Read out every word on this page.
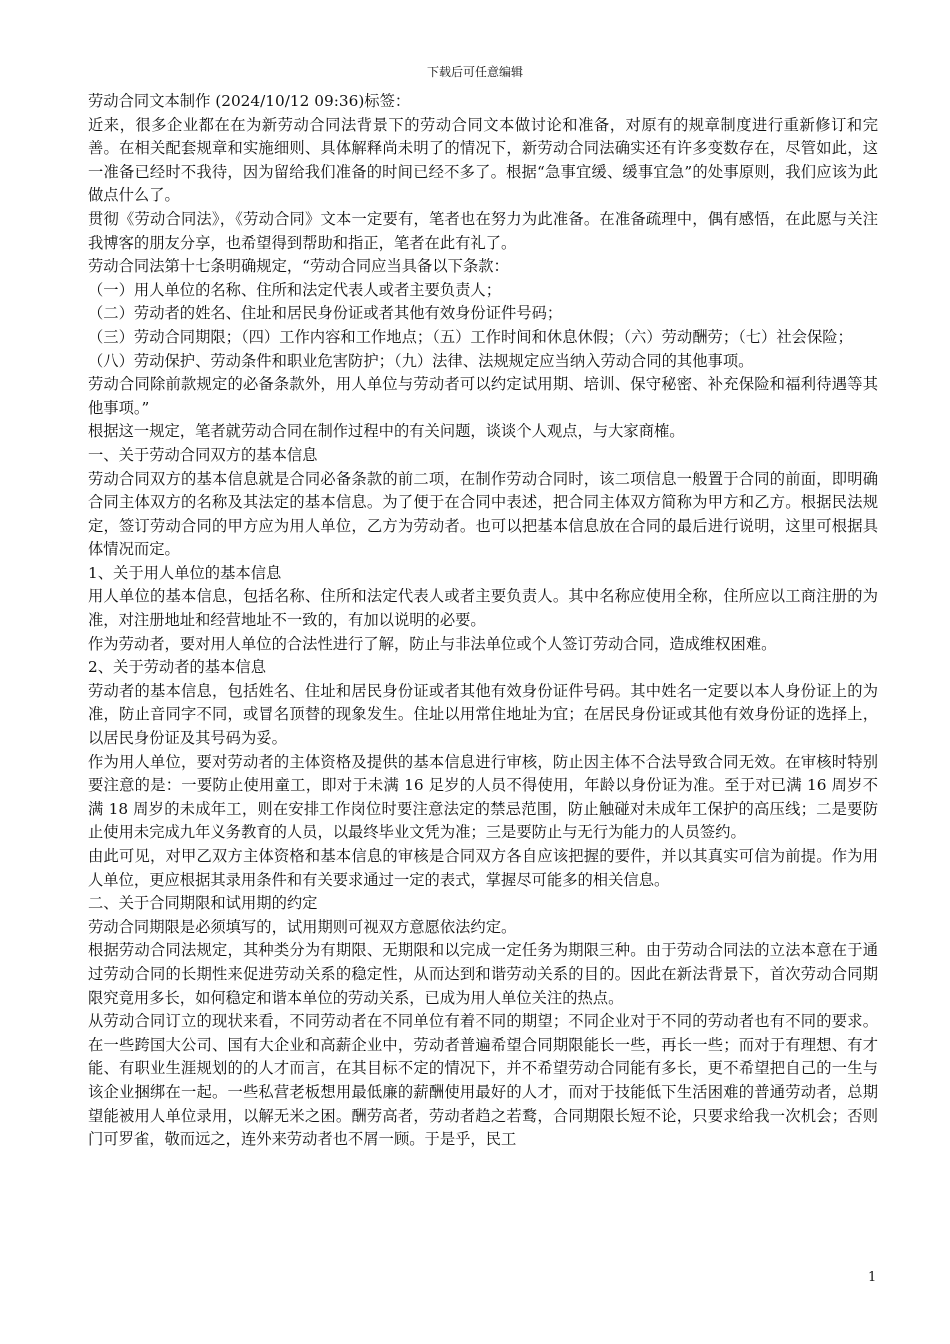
下载后可任意编辑

劳动合同文本制作 (2024/10/12 09:36)标签：

近来，很多企业都在在为新劳动合同法背景下的劳动合同文本做讨论和准备，对原有的规章制度进行重新修订和完善。在相关配套规章和实施细则、具体解释尚未明了的情况下，新劳动合同法确实还有许多变数存在，尽管如此，这一准备已经时不我待，因为留给我们准备的时间已经不多了。根据“急事宜缓、缓事宜急”的处事原则，我们应该为此做点什么了。

贯彻《劳动合同法》，《劳动合同》文本一定要有，笔者也在努力为此准备。在准备疏理中，偶有感悟，在此愿与关注我博客的朋友分享，也希望得到帮助和指正，笔者在此有礼了。

劳动合同法第十七条明确规定，“劳动合同应当具备以下条款：

（一）用人单位的名称、住所和法定代表人或者主要负责人；

（二）劳动者的姓名、住址和居民身份证或者其他有效身份证件号码；

（三）劳动合同期限；（四）工作内容和工作地点；（五）工作时间和休息休假；（六）劳动酬劳；（七）社会保险；

（八）劳动保护、劳动条件和职业危害防护；（九）法律、法规规定应当纳入劳动合同的其他事项。

劳动合同除前款规定的必备条款外，用人单位与劳动者可以约定试用期、培训、保守秘密、补充保险和福利待遇等其他事项。”

根据这一规定，笔者就劳动合同在制作过程中的有关问题，谈谈个人观点，与大家商榷。

一、关于劳动合同双方的基本信息

劳动合同双方的基本信息就是合同必备条款的前二项，在制作劳动合同时，该二项信息一般置于合同的前面，即明确合同主体双方的名称及其法定的基本信息。为了便于在合同中表述，把合同主体双方简称为甲方和乙方。根据民法规定，签订劳动合同的甲方应为用人单位，乙方为劳动者。也可以把基本信息放在合同的最后进行说明，这里可根据具体情况而定。

1、关于用人单位的基本信息

用人单位的基本信息，包括名称、住所和法定代表人或者主要负责人。其中名称应使用全称，住所应以工商注册的为准，对注册地址和经营地址不一致的，有加以说明的必要。

作为劳动者，要对用人单位的合法性进行了解，防止与非法单位或个人签订劳动合同，造成维权困难。

2、关于劳动者的基本信息

劳动者的基本信息，包括姓名、住址和居民身份证或者其他有效身份证件号码。其中姓名一定要以本人身份证上的为准，防止音同字不同，或冒名顶替的现象发生。住址以用常住地址为宜；在居民身份证或其他有效身份证的选择上，以居民身份证及其号码为妥。

作为用人单位，要对劳动者的主体资格及提供的基本信息进行审核，防止因主体不合法导致合同无效。在审核时特别要注意的是：一要防止使用童工，即对于未满 16 足岁的人员不得使用，年龄以身份证为准。至于对已满 16 周岁不满 18 周岁的未成年工，则在安排工作岗位时要注意法定的禁忌范围，防止触碰对未成年工保护的高压线；二是要防止使用未完成九年义务教育的人员，以最终毕业文凭为准；三是要防止与无行为能力的人员签约。

由此可见，对甲乙双方主体资格和基本信息的审核是合同双方各自应该把握的要件，并以其真实可信为前提。作为用人单位，更应根据其录用条件和有关要求通过一定的表式，掌握尽可能多的相关信息。

二、关于合同期限和试用期的约定

劳动合同期限是必须填写的，试用期则可视双方意愿依法约定。

根据劳动合同法规定，其种类分为有期限、无期限和以完成一定任务为期限三种。由于劳动合同法的立法本意在于通过劳动合同的长期性来促进劳动关系的稳定性，从而达到和谐劳动关系的目的。因此在新法背景下，首次劳动合同期限究竟用多长，如何稳定和谐本单位的劳动关系，已成为用人单位关注的热点。

从劳动合同订立的现状来看，不同劳动者在不同单位有着不同的期望；不同企业对于不同的劳动者也有不同的要求。在一些跨国大公司、国有大企业和高薪企业中，劳动者普遍希望合同期限能长一些，再长一些；而对于有理想、有才能、有职业生涯规划的的人才而言，在其目标不定的情况下，并不希望劳动合同能有多长，更不希望把自己的一生与该企业捆绑在一起。一些私营老板想用最低廉的薪酬使用最好的人才，而对于技能低下生活困难的普通劳动者，总期望能被用人单位录用，以解无米之困。酬劳高者，劳动者趋之若鹜，合同期限长短不论，只要求给我一次机会；否则门可罗雀，敬而远之，连外来劳动者也不屑一顾。于是乎，民工

1
